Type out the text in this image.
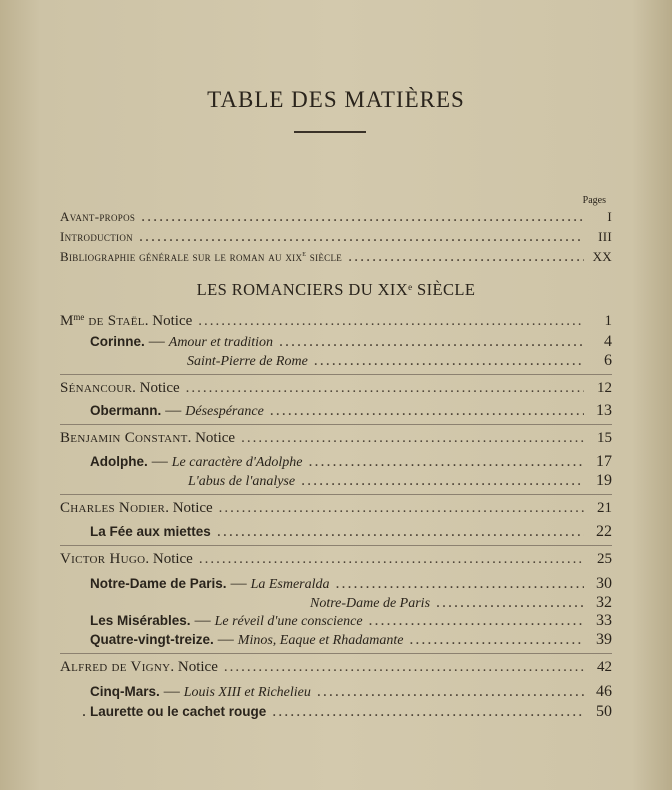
TABLE DES MATIÈRES
Pages
Avant-propos .....	I
Introduction .....	III
Bibliographie générale sur le roman au xix$^e$ siècle .....	XX
LES ROMANCIERS DU XIXe SIÈCLE
$M^{me}$ de Staël. Notice .....	1
Corinne. — Amour et tradition .....	4
Saint-Pierre de Rome .....	6
Sénancour. Notice .....	12
Obermann. — Désespérance .....	13
Benjamin Constant. Notice .....	15
Adolphe. — Le caractère d'Adolphe .....	17
L'abus de l'analyse .....	19
Charles Nodier. Notice .....	21
La Fée aux miettes .....	22
Victor Hugo. Notice .....	25
Notre-Dame de Paris. — La Esmeralda .....	30
Notre-Dame de Paris .....	32
Les Misérables. — Le réveil d'une conscience .....	33
Quatre-vingt-treize. — Minos, Eaque et Rhadamante .....	39
Alfred de Vigny. Notice .....	42
Cinq-Mars. — Louis XIII et Richelieu .....	46
. Laurette ou le cachet rouge .....	50
